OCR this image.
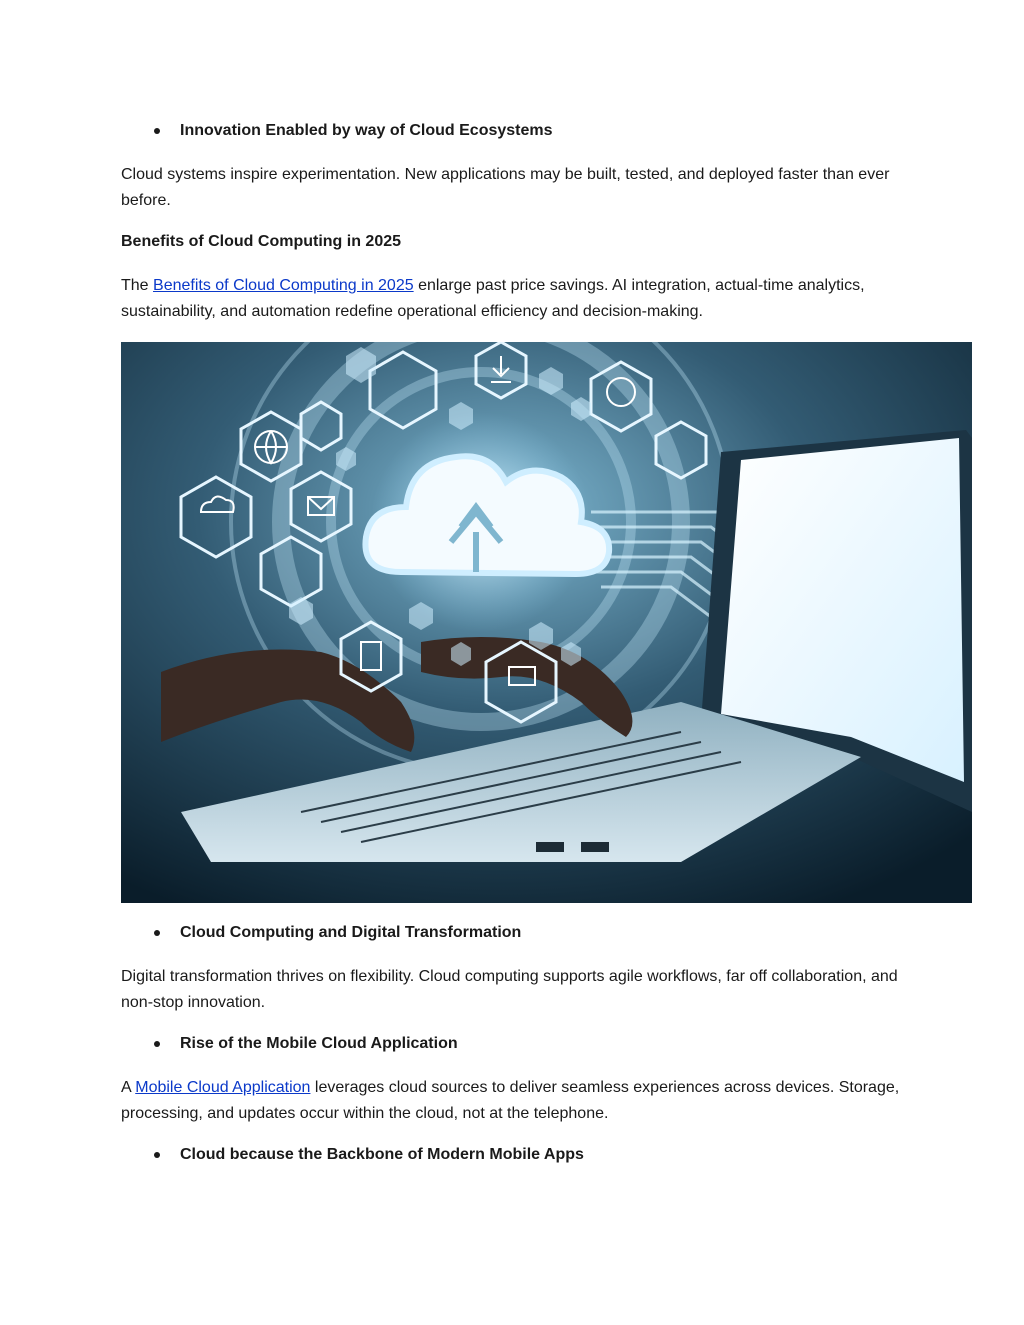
Innovation Enabled by way of Cloud Ecosystems
Cloud systems inspire experimentation. New applications may be built, tested, and deployed faster than ever before.
Benefits of Cloud Computing in 2025
The Benefits of Cloud Computing in 2025 enlarge past price savings. AI integration, actual-time analytics, sustainability, and automation redefine operational efficiency and decision-making.
Cloud Computing and Digital Transformation
Digital transformation thrives on flexibility. Cloud computing supports agile workflows, far off collaboration, and non-stop innovation.
Rise of the Mobile Cloud Application
A Mobile Cloud Application leverages cloud sources to deliver seamless experiences across devices. Storage, processing, and updates occur within the cloud, not at the telephone.
Cloud because the Backbone of Modern Mobile Apps
